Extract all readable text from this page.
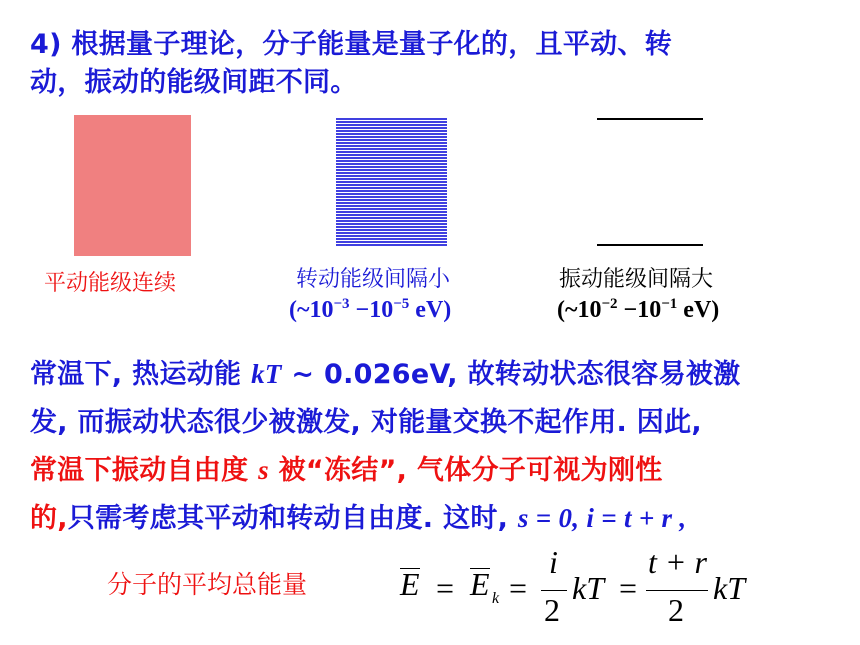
4) 根据量子理论，分子能量是量子化的，且平动、转
动，振动的能级间距不同。
平动能级连续	转动能级间隔小	振动能级间隔大
($\sim 10^{-3} -10^{-5}$ eV)	($\sim 10^{-2} -10^{-1}$ eV)
常温下, 热运动能 kT ~ 0.026eV, 故转动状态很容易被激
发, 而振动状态很少被激发, 对能量交换不起作用. 因此,
常温下振动自由度 s 被“冻结”, 气体分子可视为刚性
的,只需考虑其平动和转动自由度. 这时, s = 0, i = t + r ,
分子的平均总能量	E = E k =
i
2
kT =
t + r
2
kT
